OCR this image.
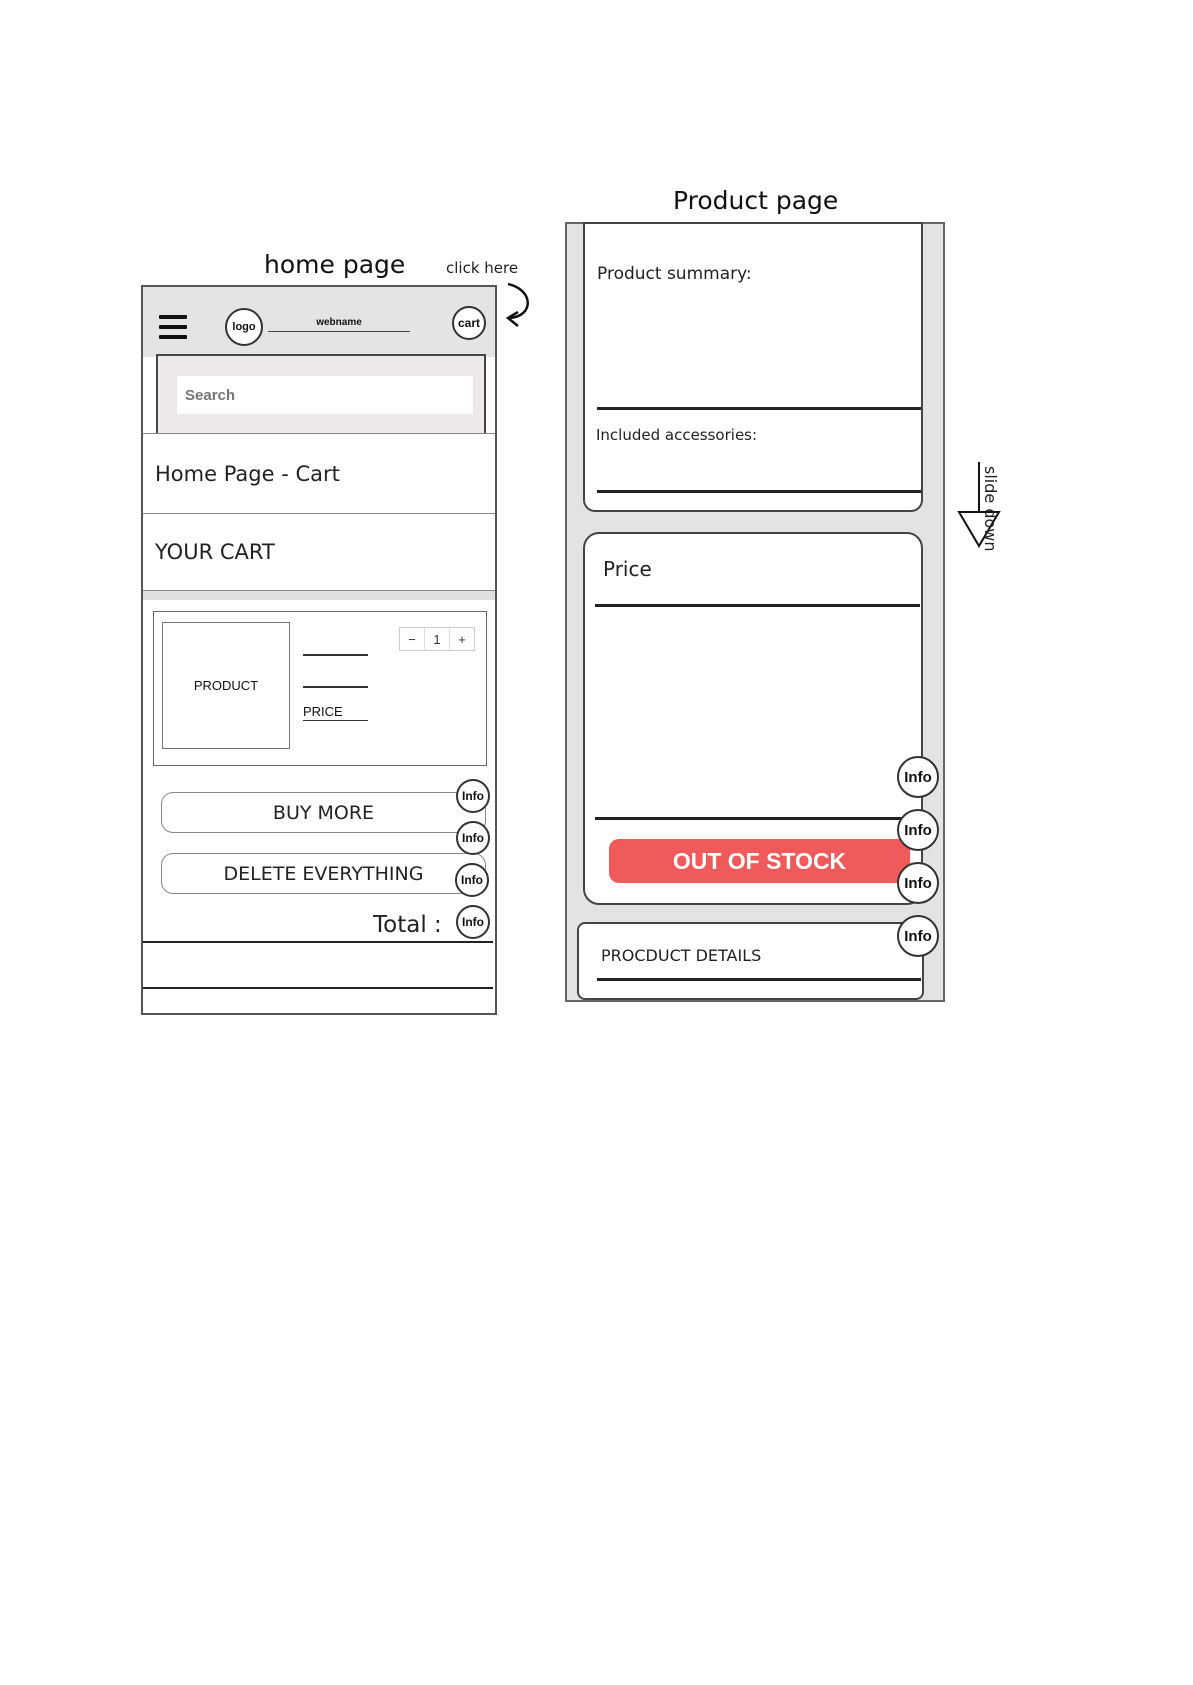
home page
Product page
click here
slide down
logo	webname	cart
Search
Home Page - Cart
YOUR CART
PRODUCT
PRICE
−	1	+
BUY MORE
DELETE EVERYTHING
Total :
Info
Info
Info
Info
Product summary:
Included accessories:
Price
OUT OF STOCK
PROCDUCT DETAILS
Info
Info
Info
Info
